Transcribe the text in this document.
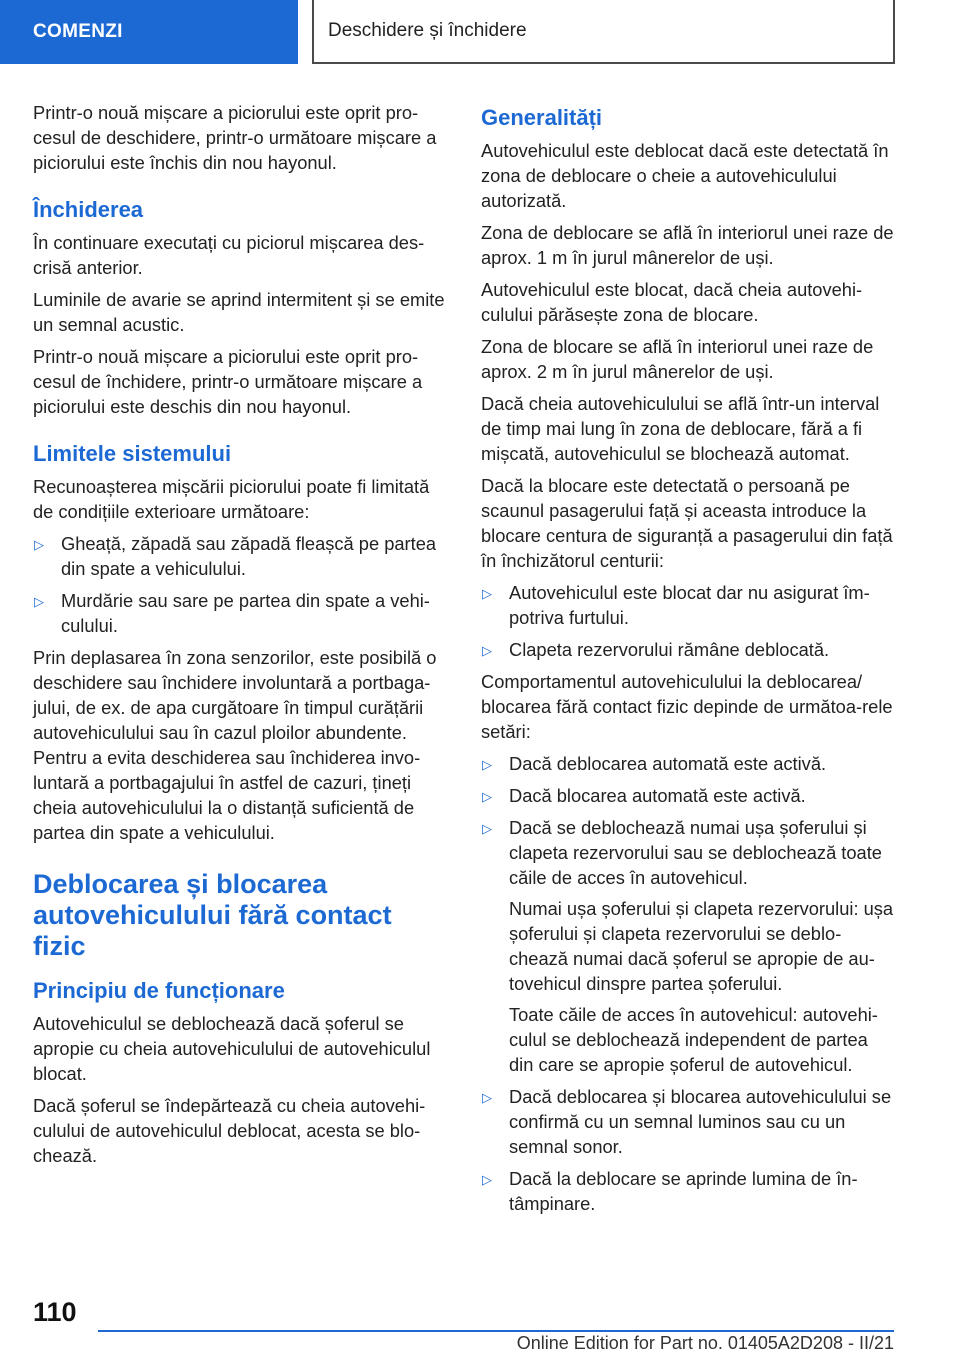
COMENZI	Deschidere și închidere

Printr-o nouă mișcare a piciorului este oprit pro-cesul de deschidere, printr-o următoare mișcare a piciorului este închis din nou hayonul.

Închiderea

În continuare executați cu piciorul mișcarea des-crisă anterior.

Luminile de avarie se aprind intermitent și se emite un semnal acustic.

Printr-o nouă mișcare a piciorului este oprit pro-cesul de închidere, printr-o următoare mișcare a piciorului este deschis din nou hayonul.

Limitele sistemului

Recunoașterea mișcării piciorului poate fi limitată de condițiile exterioare următoare:

▷ Gheață, zăpadă sau zăpadă fleașcă pe partea din spate a vehiculului.
▷ Murdărie sau sare pe partea din spate a vehi-culului.

Prin deplasarea în zona senzorilor, este posibilă o deschidere sau închidere involuntară a portbaga-jului, de ex. de apa curgătoare în timpul curățării autovehiculului sau în cazul ploilor abundente. Pentru a evita deschiderea sau închiderea invo-luntară a portbagajului în astfel de cazuri, țineți cheia autovehiculului la o distanță suficientă de partea din spate a vehiculului.

Deblocarea și blocarea autovehiculului fără contact fizic
Principiu de funcționare

Autovehiculul se deblochează dacă șoferul se apropie cu cheia autovehiculului de autovehiculul blocat.

Dacă șoferul se îndepărtează cu cheia autovehi-culului de autovehiculul deblocat, acesta se blo-chează.

Generalități

Autovehiculul este deblocat dacă este detectată în zona de deblocare o cheie a autovehiculului autorizată.

Zona de deblocare se află în interiorul unei raze de aprox. 1 m în jurul mânerelor de uși.

Autovehiculul este blocat, dacă cheia autovehi-culului părăsește zona de blocare.

Zona de blocare se află în interiorul unei raze de aprox. 2 m în jurul mânerelor de uși.

Dacă cheia autovehiculului se află într-un interval de timp mai lung în zona de deblocare, fără a fi mișcată, autovehiculul se blochează automat.

Dacă la blocare este detectată o persoană pe scaunul pasagerului față și aceasta introduce la blocare centura de siguranță a pasagerului din față în închizătorul centurii:

▷ Autovehiculul este blocat dar nu asigurat îm-potriva furtului.
▷ Clapeta rezervorului rămâne deblocată.

Comportamentul autovehiculului la deblocarea/ blocarea fără contact fizic depinde de următoa-rele setări:

▷ Dacă deblocarea automată este activă.
▷ Dacă blocarea automată este activă.
▷ Dacă se deblochează numai ușa șoferului și clapeta rezervorului sau se deblochează toate căile de acces în autovehicul.

Numai ușa șoferului și clapeta rezervorului: ușa șoferului și clapeta rezervorului se deblo-chează numai dacă șoferul se apropie de au-tovehicul dinspre partea șoferului.

Toate căile de acces în autovehicul: autovehi-culul se deblochează independent de partea din care se apropie șoferul de autovehicul.

▷ Dacă deblocarea și blocarea autovehiculului se confirmă cu un semnal luminos sau cu un semnal sonor.
▷ Dacă la deblocare se aprinde lumina de în-tâmpinare.
110
Online Edition for Part no. 01405A2D208 - II/21
